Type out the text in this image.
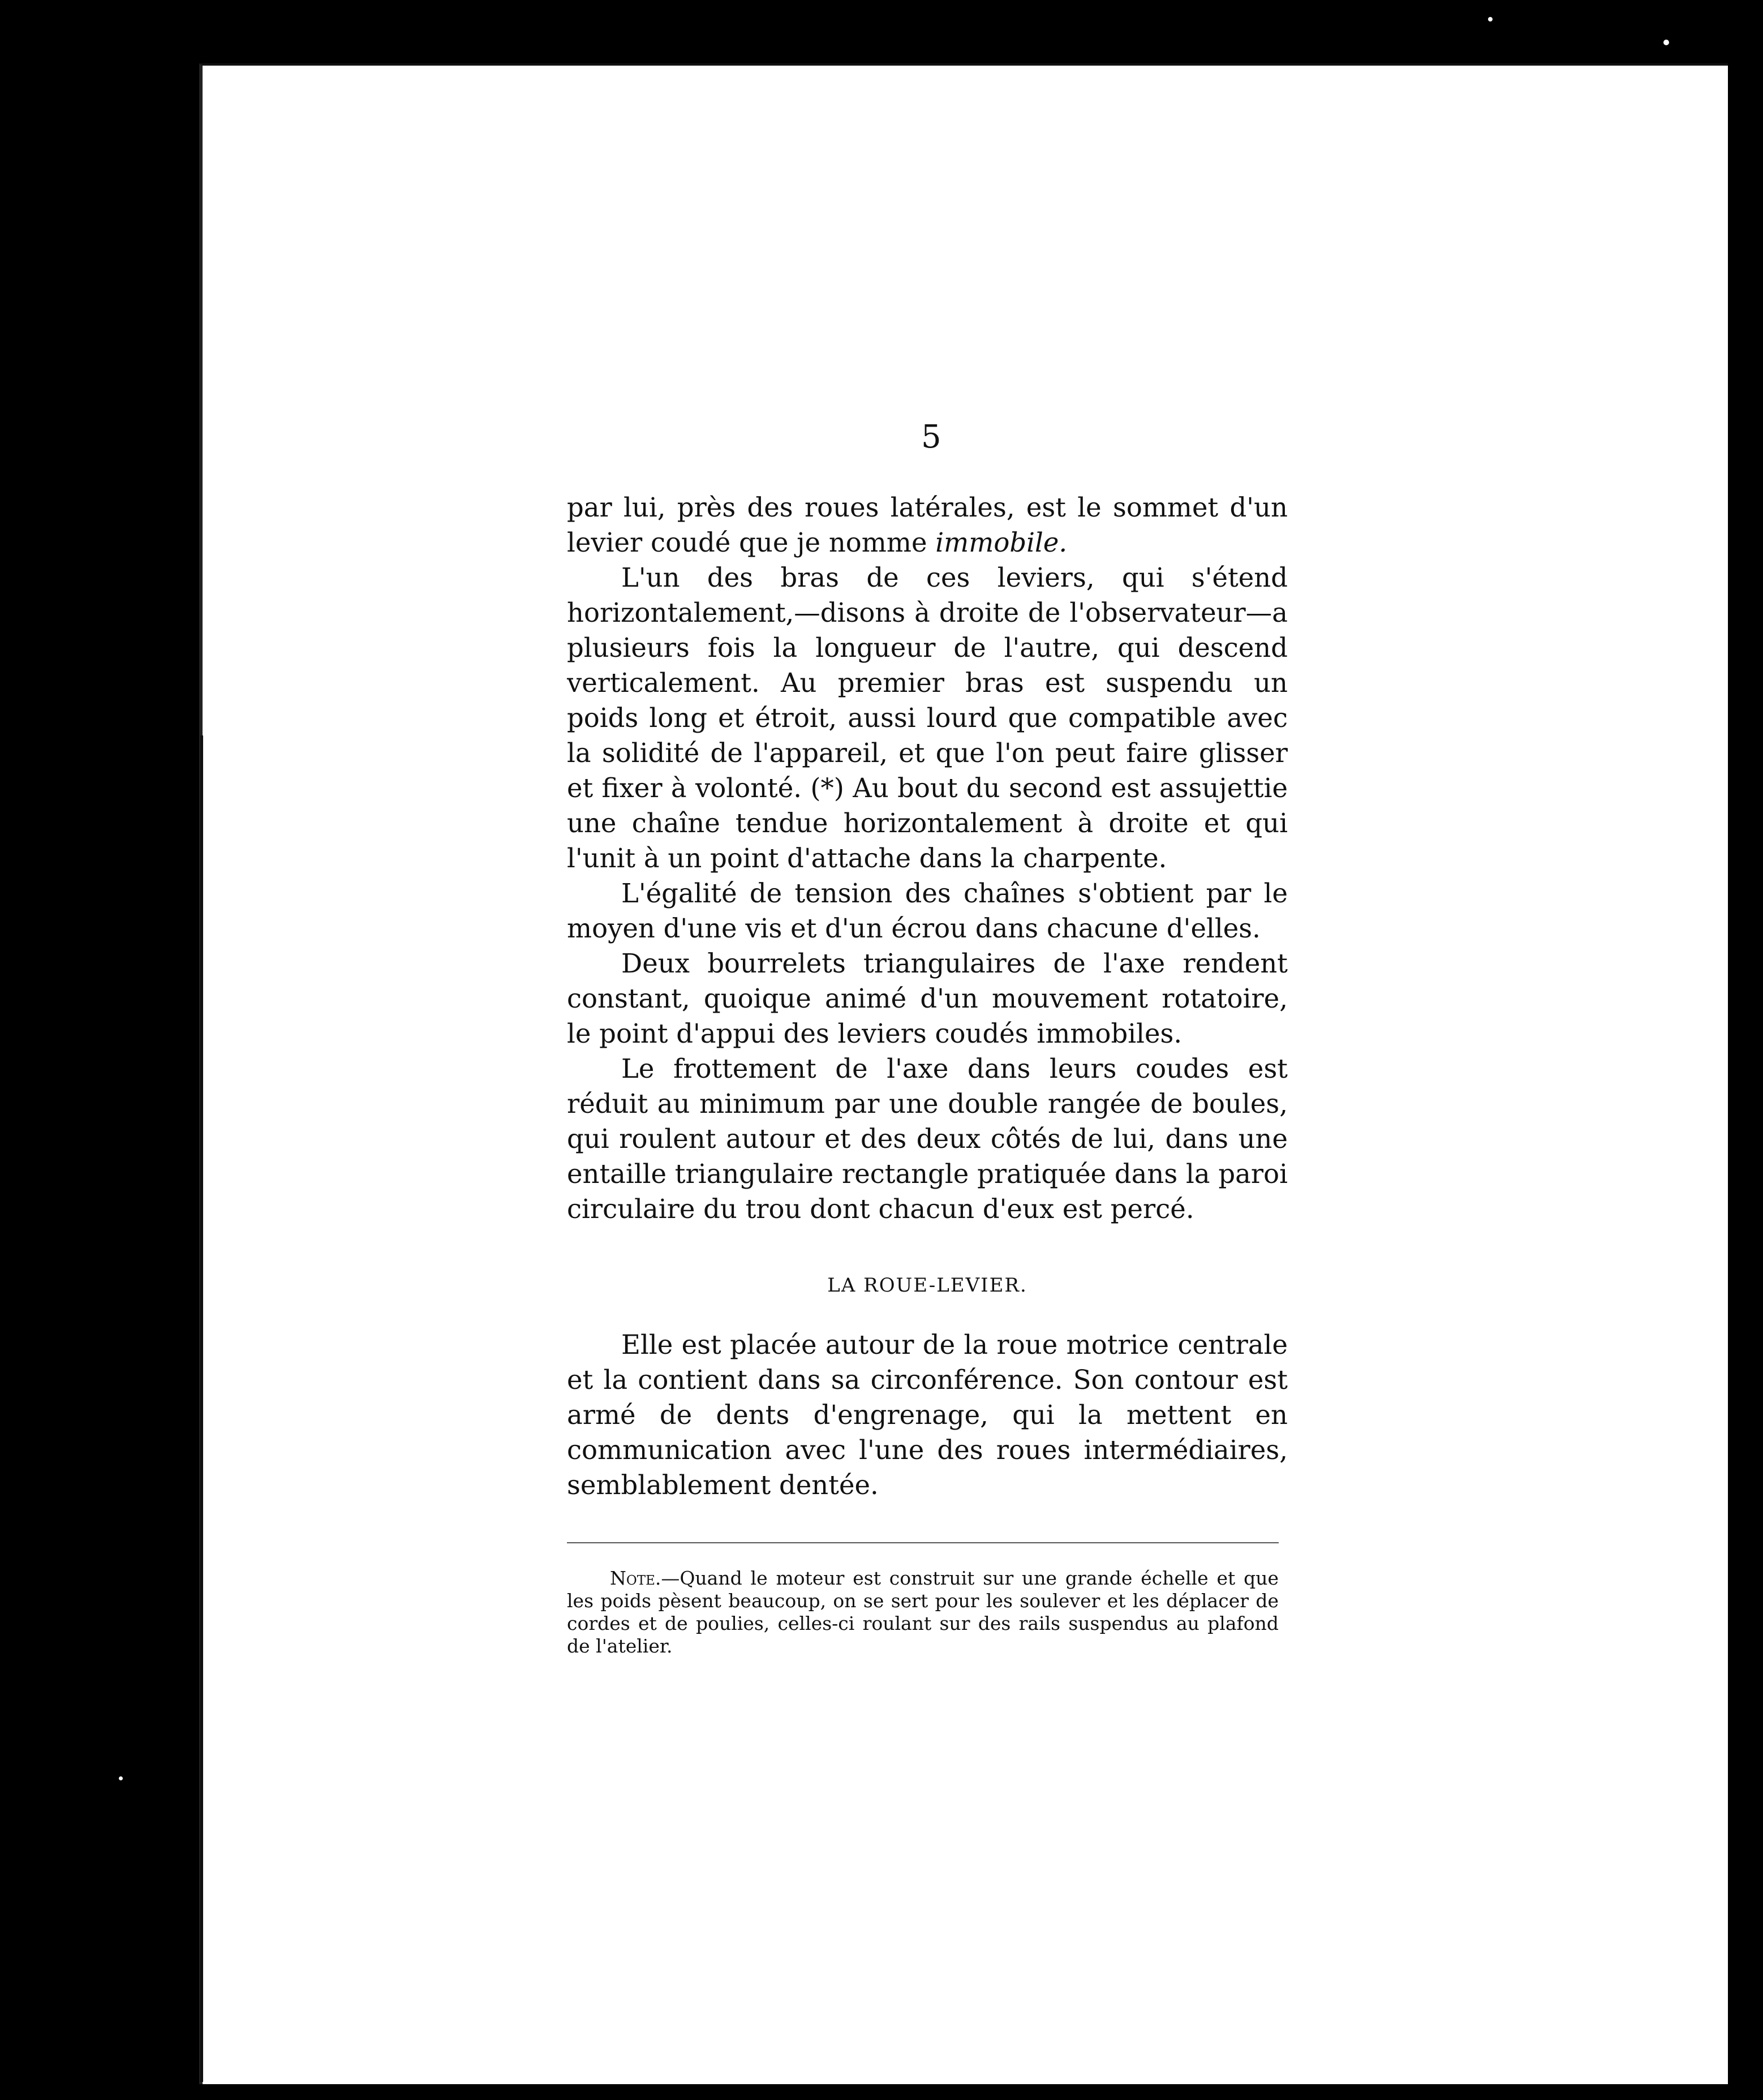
5

par lui, près des roues latérales, est le sommet d'un levier coudé que je nomme immobile.

L'un des bras de ces leviers, qui s'étend horizontalement,—disons à droite de l'observateur—a plusieurs fois la longueur de l'autre, qui descend verticalement. Au premier bras est suspendu un poids long et étroit, aussi lourd que compatible avec la solidité de l'appareil, et que l'on peut faire glisser et fixer à volonté. (*) Au bout du second est assujettie une chaîne tendue horizontalement à droite et qui l'unit à un point d'attache dans la charpente.

L'égalité de tension des chaînes s'obtient par le moyen d'une vis et d'un écrou dans chacune d'elles.

Deux bourrelets triangulaires de l'axe rendent constant, quoique animé d'un mouvement rotatoire, le point d'appui des leviers coudés immobiles.

Le frottement de l'axe dans leurs coudes est réduit au minimum par une double rangée de boules, qui roulent autour et des deux côtés de lui, dans une entaille triangulaire rectangle pratiquée dans la paroi circulaire du trou dont chacun d'eux est percé.

LA ROUE-LEVIER.

Elle est placée autour de la roue motrice centrale et la contient dans sa circonférence. Son contour est armé de dents d'engrenage, qui la mettent en communication avec l'une des roues intermédiaires, semblablement dentée.

Note.—Quand le moteur est construit sur une grande échelle et que les poids pèsent beaucoup, on se sert pour les soulever et les déplacer de cordes et de poulies, celles-ci roulant sur des rails suspendus au plafond de l'atelier.
